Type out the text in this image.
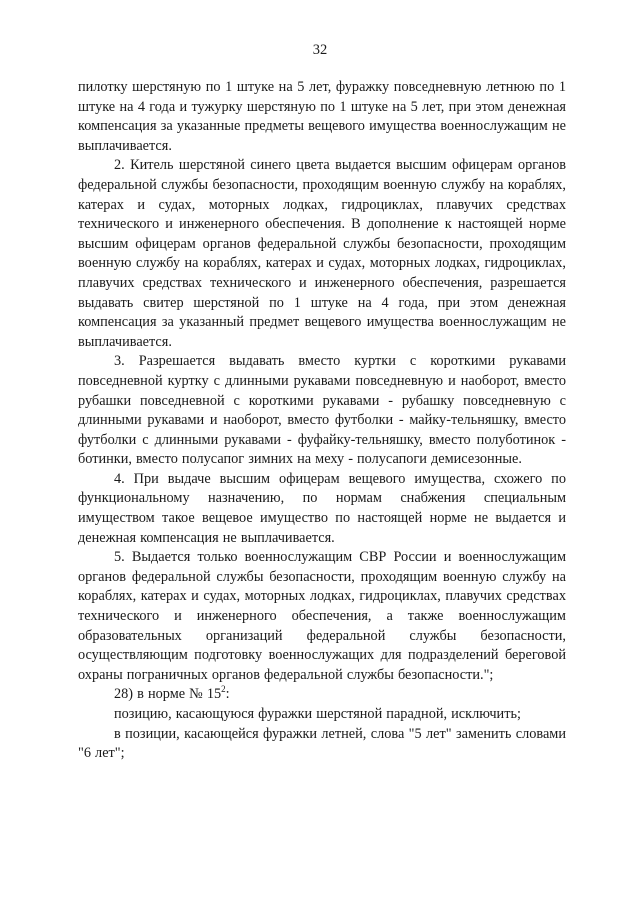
32

пилотку шерстяную по 1 штуке на 5 лет, фуражку повседневную летнюю по 1 штуке на 4 года и тужурку шерстяную по 1 штуке на 5 лет, при этом денежная компенсация за указанные предметы вещевого имущества военнослужащим не выплачивается.

2. Китель шерстяной синего цвета выдается высшим офицерам органов федеральной службы безопасности, проходящим военную службу на кораблях, катерах и судах, моторных лодках, гидроциклах, плавучих средствах технического и инженерного обеспечения. В дополнение к настоящей норме высшим офицерам органов федеральной службы безопасности, проходящим военную службу на кораблях, катерах и судах, моторных лодках, гидроциклах, плавучих средствах технического и инженерного обеспечения, разрешается выдавать свитер шерстяной по 1 штуке на 4 года, при этом денежная компенсация за указанный предмет вещевого имущества военнослужащим не выплачивается.

3. Разрешается выдавать вместо куртки с короткими рукавами повседневной куртку с длинными рукавами повседневную и наоборот, вместо рубашки повседневной с короткими рукавами - рубашку повседневную с длинными рукавами и наоборот, вместо футболки - майку-тельняшку, вместо футболки с длинными рукавами - фуфайку-тельняшку, вместо полуботинок - ботинки, вместо полусапог зимних на меху - полусапоги демисезонные.

4. При выдаче высшим офицерам вещевого имущества, схожего по функциональному назначению, по нормам снабжения специальным имуществом такое вещевое имущество по настоящей норме не выдается и денежная компенсация не выплачивается.

5. Выдается только военнослужащим СВР России и военнослужащим органов федеральной службы безопасности, проходящим военную службу на кораблях, катерах и судах, моторных лодках, гидроциклах, плавучих средствах технического и инженерного обеспечения, а также военнослужащим образовательных организаций федеральной службы безопасности, осуществляющим подготовку военнослужащих для подразделений береговой охраны пограничных органов федеральной службы безопасности.";

28) в норме № $15^2$:

позицию, касающуюся фуражки шерстяной парадной, исключить;

в позиции, касающейся фуражки летней, слова "5 лет" заменить словами "6 лет";
